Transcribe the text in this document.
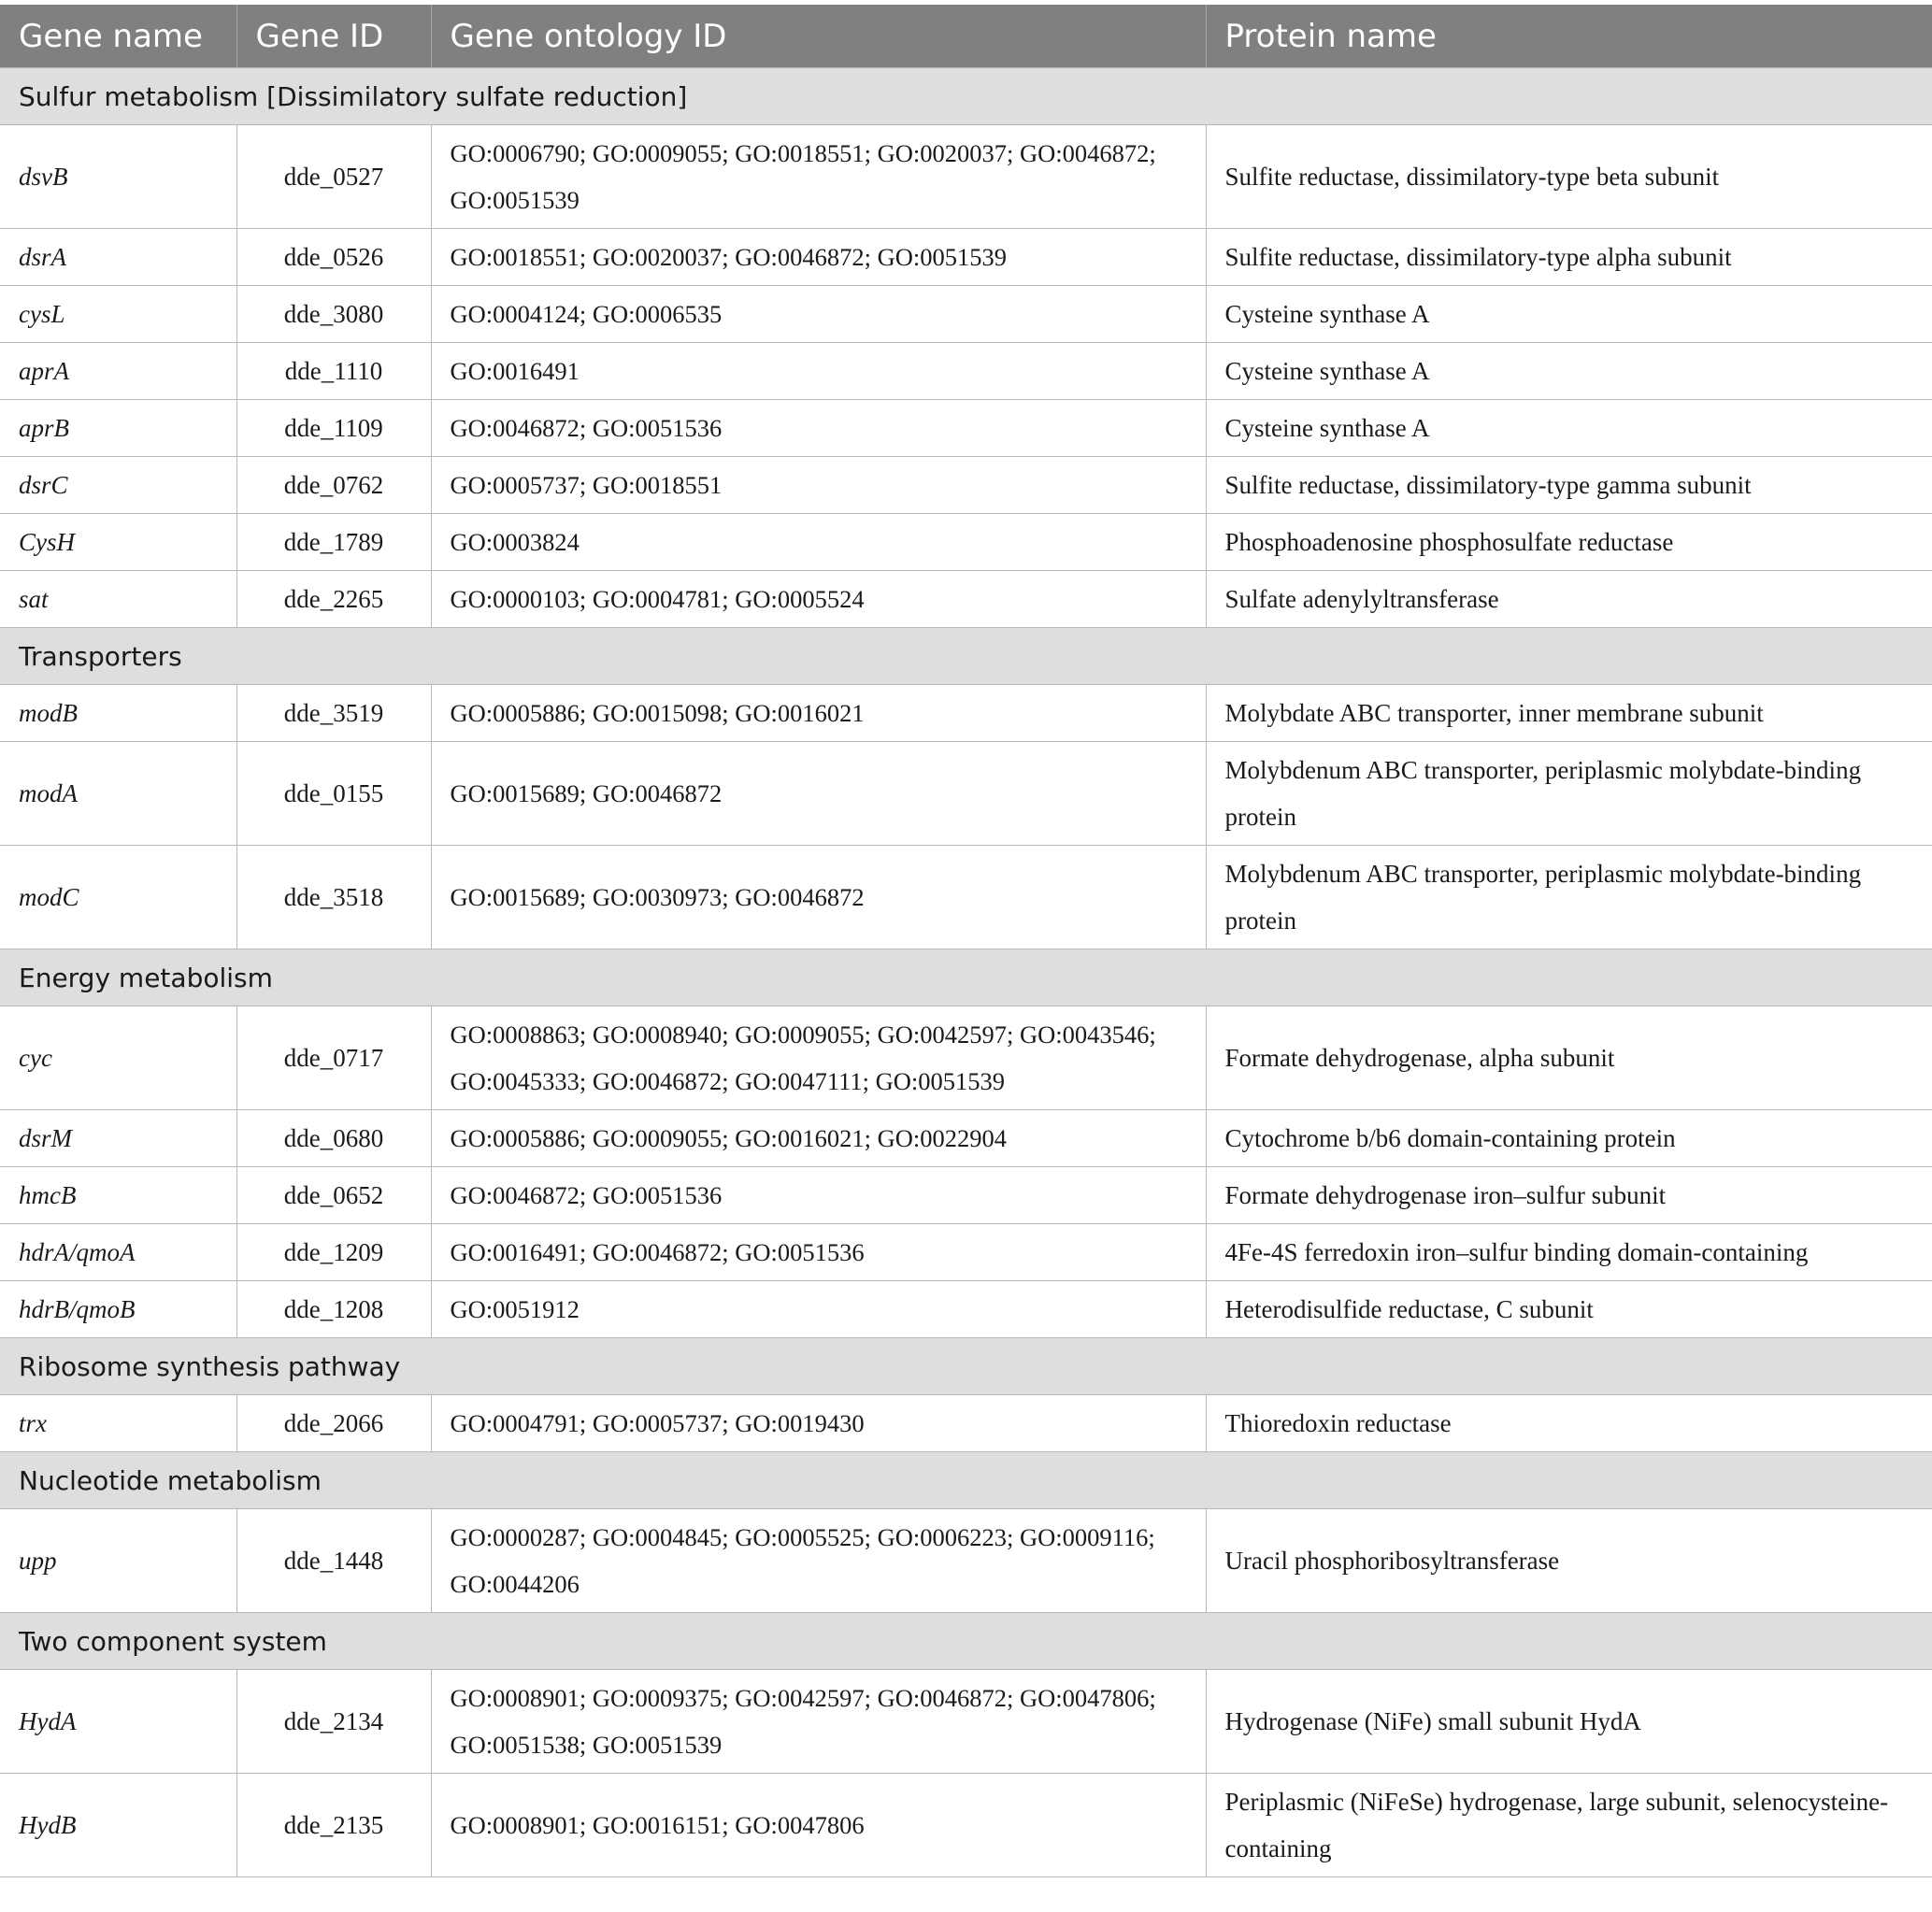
Gene name	Gene ID	Gene ontology ID	Protein name
Sulfur metabolism [Dissimilatory sulfate reduction]			
dsvB	dde_0527	GO:0006790; GO:0009055; GO:0018551; GO:0020037; GO:0046872; GO:0051539	Sulfite reductase, dissimilatory-type beta subunit
dsrA	dde_0526	GO:0018551; GO:0020037; GO:0046872; GO:0051539	Sulfite reductase, dissimilatory-type alpha subunit
cysL	dde_3080	GO:0004124; GO:0006535	Cysteine synthase A
aprA	dde_1110	GO:0016491	Cysteine synthase A
aprB	dde_1109	GO:0046872; GO:0051536	Cysteine synthase A
dsrC	dde_0762	GO:0005737; GO:0018551	Sulfite reductase, dissimilatory-type gamma subunit
CysH	dde_1789	GO:0003824	Phosphoadenosine phosphosulfate reductase
sat	dde_2265	GO:0000103; GO:0004781; GO:0005524	Sulfate adenylyltransferase
Transporters			
modB	dde_3519	GO:0005886; GO:0015098; GO:0016021	Molybdate ABC transporter, inner membrane subunit
modA	dde_0155	GO:0015689; GO:0046872	Molybdenum ABC transporter, periplasmic molybdate-binding protein
modC	dde_3518	GO:0015689; GO:0030973; GO:0046872	Molybdenum ABC transporter, periplasmic molybdate-binding protein
Energy metabolism			
cyc	dde_0717	GO:0008863; GO:0008940; GO:0009055; GO:0042597; GO:0043546; GO:0045333; GO:0046872; GO:0047111; GO:0051539	Formate dehydrogenase, alpha subunit
dsrM	dde_0680	GO:0005886; GO:0009055; GO:0016021; GO:0022904	Cytochrome b/b6 domain-containing protein
hmcB	dde_0652	GO:0046872; GO:0051536	Formate dehydrogenase iron–sulfur subunit
hdrA/qmoA	dde_1209	GO:0016491; GO:0046872; GO:0051536	4Fe-4S ferredoxin iron–sulfur binding domain-containing
hdrB/qmoB	dde_1208	GO:0051912	Heterodisulfide reductase, C subunit
Ribosome synthesis pathway			
trx	dde_2066	GO:0004791; GO:0005737; GO:0019430	Thioredoxin reductase
Nucleotide metabolism			
upp	dde_1448	GO:0000287; GO:0004845; GO:0005525; GO:0006223; GO:0009116; GO:0044206	Uracil phosphoribosyltransferase
Two component system			
HydA	dde_2134	GO:0008901; GO:0009375; GO:0042597; GO:0046872; GO:0047806; GO:0051538; GO:0051539	Hydrogenase (NiFe) small subunit HydA
HydB	dde_2135	GO:0008901; GO:0016151; GO:0047806	Periplasmic (NiFeSe) hydrogenase, large subunit, selenocysteine-containing
